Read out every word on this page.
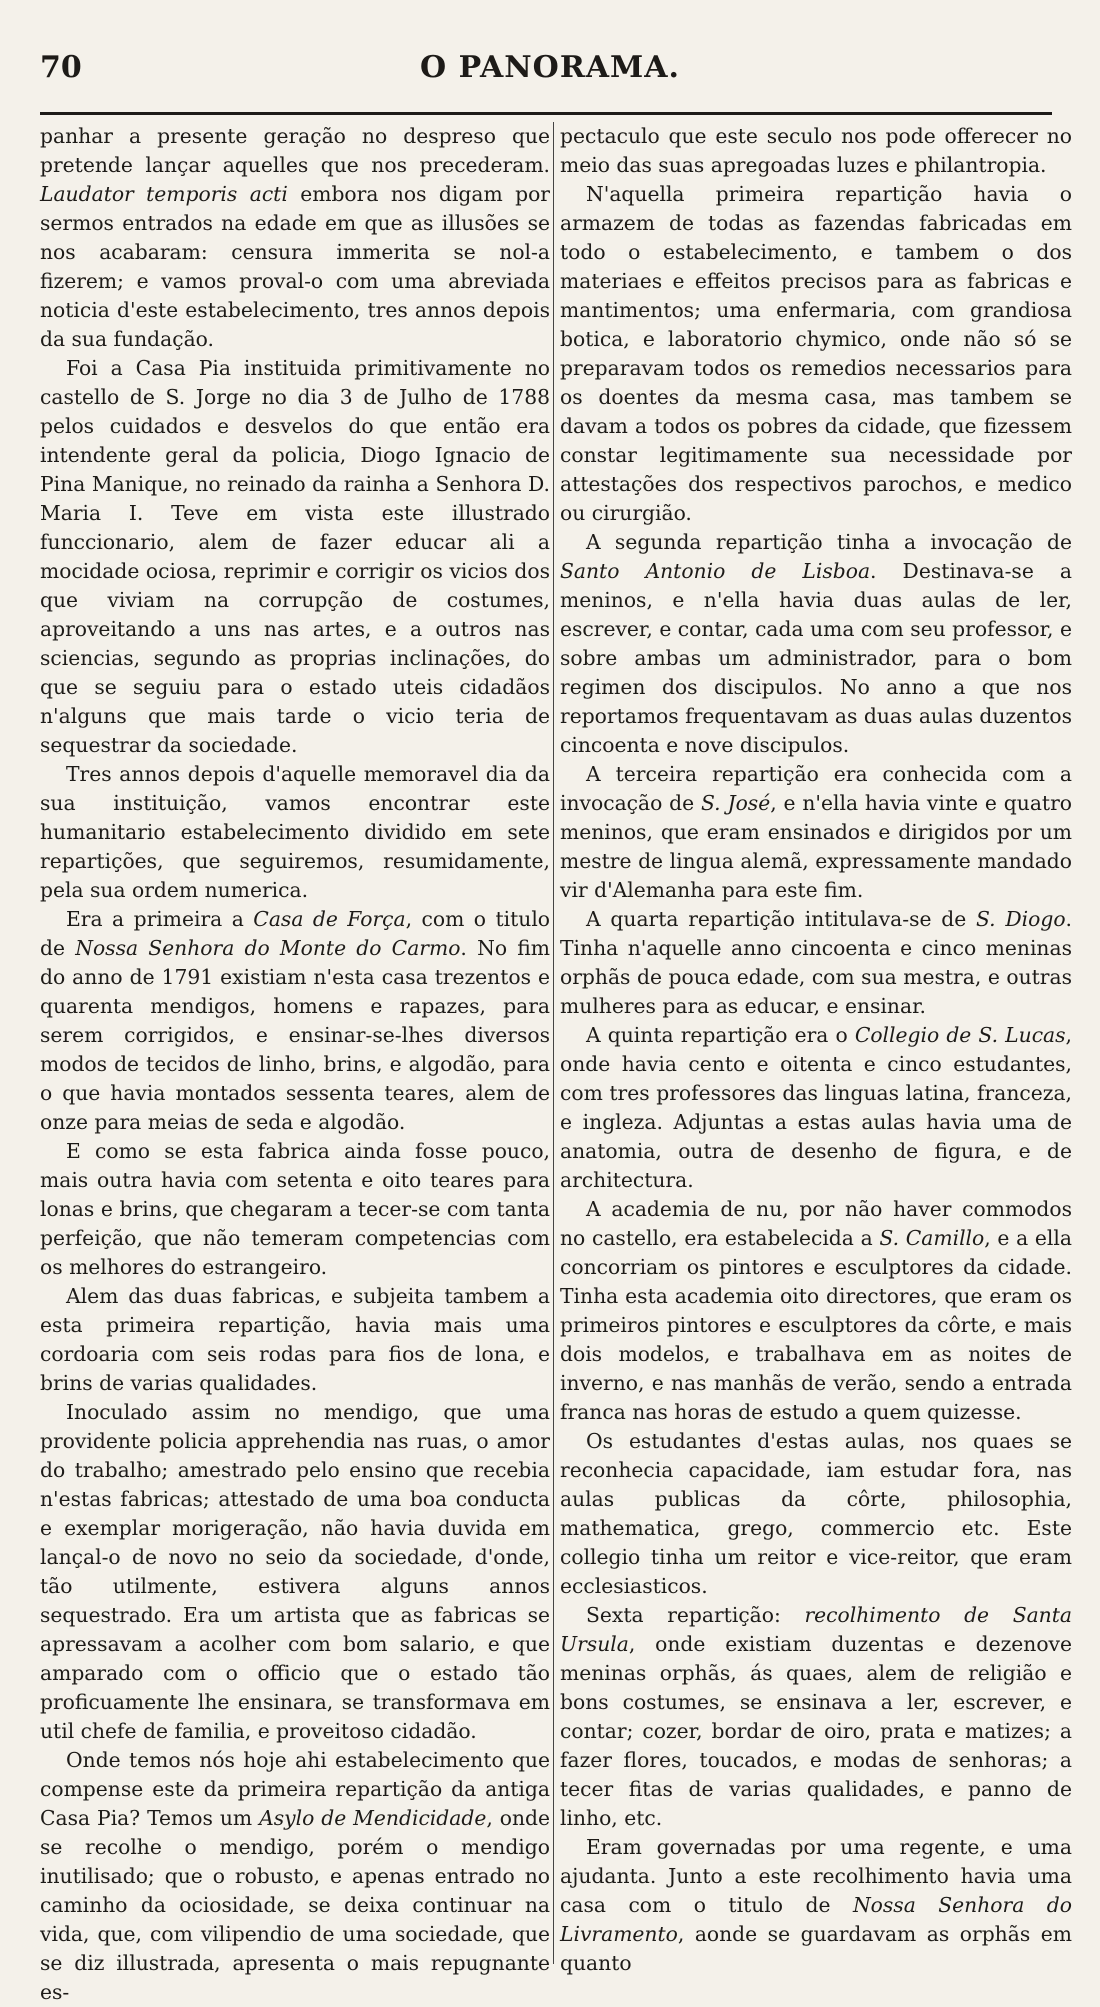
70	O PANORAMA.

panhar a presente geração no despreso que pretende lançar aquelles que nos precederam. Laudator temporis acti embora nos digam por sermos entrados na edade em que as illusões se nos acabaram: censura immerita se nol-a fizerem; e vamos proval-o com uma abreviada noticia d'este estabelecimento, tres annos depois da sua fundação.

Foi a Casa Pia instituida primitivamente no castello de S. Jorge no dia 3 de Julho de 1788 pelos cuidados e desvelos do que então era intendente geral da policia, Diogo Ignacio de Pina Manique, no reinado da rainha a Senhora D. Maria I. Teve em vista este illustrado funccionario, alem de fazer educar ali a mocidade ociosa, reprimir e corrigir os vicios dos que viviam na corrupção de costumes, aproveitando a uns nas artes, e a outros nas sciencias, segundo as proprias inclinações, do que se seguiu para o estado uteis cidadãos n'alguns que mais tarde o vicio teria de sequestrar da sociedade.

Tres annos depois d'aquelle memoravel dia da sua instituição, vamos encontrar este humanitario estabelecimento dividido em sete repartições, que seguiremos, resumidamente, pela sua ordem numerica.

Era a primeira a Casa de Força, com o titulo de Nossa Senhora do Monte do Carmo. No fim do anno de 1791 existiam n'esta casa trezentos e quarenta mendigos, homens e rapazes, para serem corrigidos, e ensinar-se-lhes diversos modos de tecidos de linho, brins, e algodão, para o que havia montados sessenta teares, alem de onze para meias de seda e algodão.

E como se esta fabrica ainda fosse pouco, mais outra havia com setenta e oito teares para lonas e brins, que chegaram a tecer-se com tanta perfeição, que não temeram competencias com os melhores do estrangeiro.

Alem das duas fabricas, e subjeita tambem a esta primeira repartição, havia mais uma cordoaria com seis rodas para fios de lona, e brins de varias qualidades.

Inoculado assim no mendigo, que uma providente policia apprehendia nas ruas, o amor do trabalho; amestrado pelo ensino que recebia n'estas fabricas; attestado de uma boa conducta e exemplar morigeração, não havia duvida em lançal-o de novo no seio da sociedade, d'onde, tão utilmente, estivera alguns annos sequestrado. Era um artista que as fabricas se apressavam a acolher com bom salario, e que amparado com o officio que o estado tão proficuamente lhe ensinara, se transformava em util chefe de familia, e proveitoso cidadão.

Onde temos nós hoje ahi estabelecimento que compense este da primeira repartição da antiga Casa Pia? Temos um Asylo de Mendicidade, onde se recolhe o mendigo, porém o mendigo inutilisado; que o robusto, e apenas entrado no caminho da ociosidade, se deixa continuar na vida, que, com vilipendio de uma sociedade, que se diz illustrada, apresenta o mais repugnante es-

pectaculo que este seculo nos pode offerecer no meio das suas apregoadas luzes e philantropia.

N'aquella primeira repartição havia o armazem de todas as fazendas fabricadas em todo o estabelecimento, e tambem o dos materiaes e effeitos precisos para as fabricas e mantimentos; uma enfermaria, com grandiosa botica, e laboratorio chymico, onde não só se preparavam todos os remedios necessarios para os doentes da mesma casa, mas tambem se davam a todos os pobres da cidade, que fizessem constar legitimamente sua necessidade por attestações dos respectivos parochos, e medico ou cirurgião.

A segunda repartição tinha a invocação de Santo Antonio de Lisboa. Destinava-se a meninos, e n'ella havia duas aulas de ler, escrever, e contar, cada uma com seu professor, e sobre ambas um administrador, para o bom regimen dos discipulos. No anno a que nos reportamos frequentavam as duas aulas duzentos cincoenta e nove discipulos.

A terceira repartição era conhecida com a invocação de S. José, e n'ella havia vinte e quatro meninos, que eram ensinados e dirigidos por um mestre de lingua alemã, expressamente mandado vir d'Alemanha para este fim.

A quarta repartição intitulava-se de S. Diogo. Tinha n'aquelle anno cincoenta e cinco meninas orphãs de pouca edade, com sua mestra, e outras mulheres para as educar, e ensinar.

A quinta repartição era o Collegio de S. Lucas, onde havia cento e oitenta e cinco estudantes, com tres professores das linguas latina, franceza, e ingleza. Adjuntas a estas aulas havia uma de anatomia, outra de desenho de figura, e de architectura.

A academia de nu, por não haver commodos no castello, era estabelecida a S. Camillo, e a ella concorriam os pintores e esculptores da cidade. Tinha esta academia oito directores, que eram os primeiros pintores e esculptores da côrte, e mais dois modelos, e trabalhava em as noites de inverno, e nas manhãs de verão, sendo a entrada franca nas horas de estudo a quem quizesse.

Os estudantes d'estas aulas, nos quaes se reconhecia capacidade, iam estudar fora, nas aulas publicas da côrte, philosophia, mathematica, grego, commercio etc. Este collegio tinha um reitor e vice-reitor, que eram ecclesiasticos.

Sexta repartição: recolhimento de Santa Ursula, onde existiam duzentas e dezenove meninas orphãs, ás quaes, alem de religião e bons costumes, se ensinava a ler, escrever, e contar; cozer, bordar de oiro, prata e matizes; a fazer flores, toucados, e modas de senhoras; a tecer fitas de varias qualidades, e panno de linho, etc.

Eram governadas por uma regente, e uma ajudanta. Junto a este recolhimento havia uma casa com o titulo de Nossa Senhora do Livramento, aonde se guardavam as orphãs em quanto
